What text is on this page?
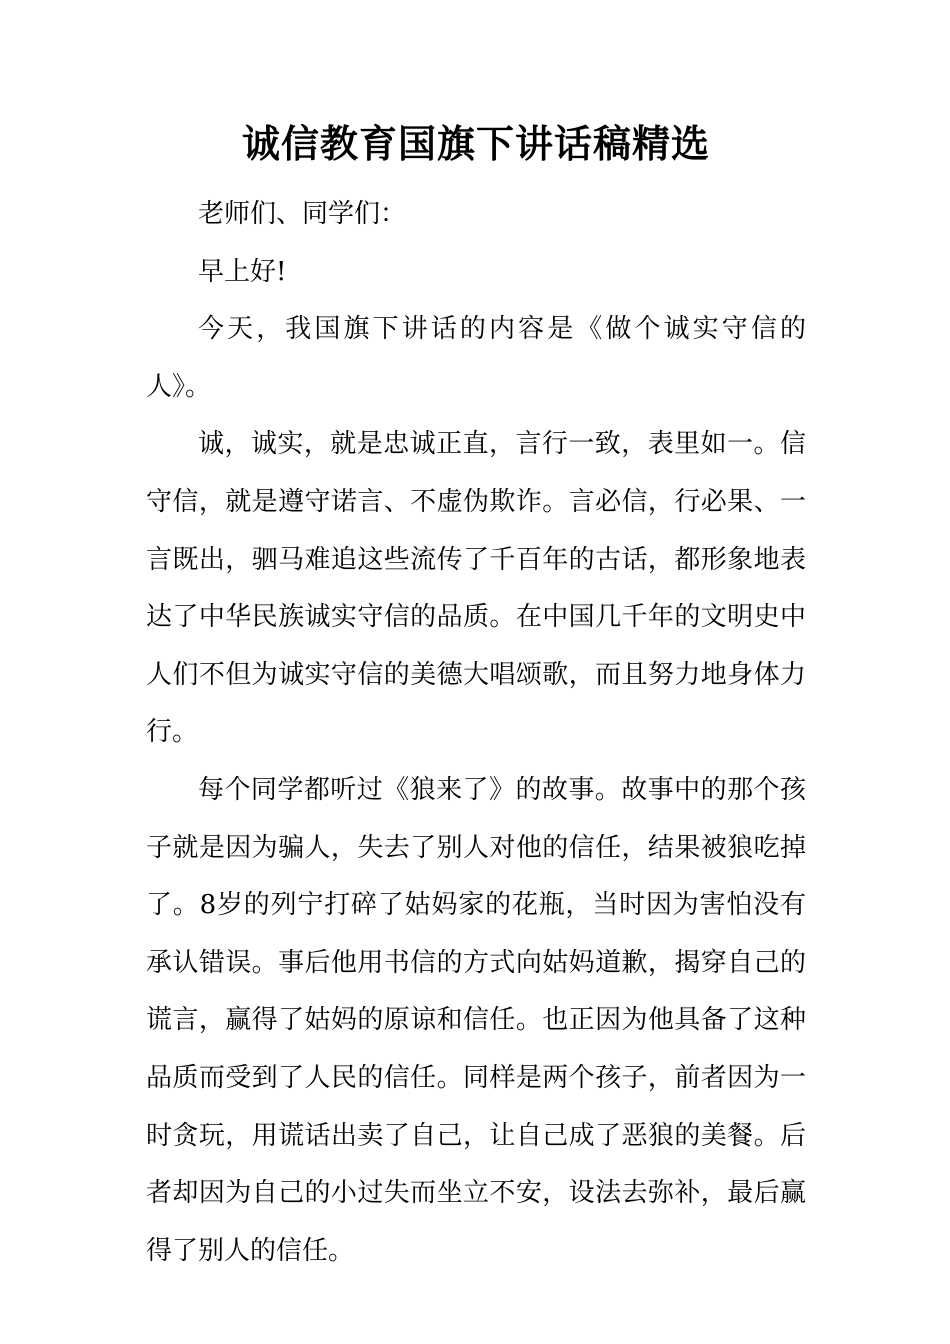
诚信教育国旗下讲话稿精选

老师们、同学们：

早上好!

今天，我国旗下讲话的内容是《做个诚实守信的人》。

诚，诚实，就是忠诚正直，言行一致，表里如一。信守信，就是遵守诺言、不虚伪欺诈。言必信，行必果、一言既出，驷马难追这些流传了千百年的古话，都形象地表达了中华民族诚实守信的品质。在中国几千年的文明史中人们不但为诚实守信的美德大唱颂歌，而且努力地身体力行。

每个同学都听过《狼来了》的故事。故事中的那个孩子就是因为骗人，失去了别人对他的信任，结果被狼吃掉了。8岁的列宁打碎了姑妈家的花瓶，当时因为害怕没有承认错误。事后他用书信的方式向姑妈道歉，揭穿自己的谎言，赢得了姑妈的原谅和信任。也正因为他具备了这种品质而受到了人民的信任。同样是两个孩子，前者因为一时贪玩，用谎话出卖了自己，让自己成了恶狼的美餐。后者却因为自己的小过失而坐立不安，设法去弥补，最后赢得了别人的信任。
